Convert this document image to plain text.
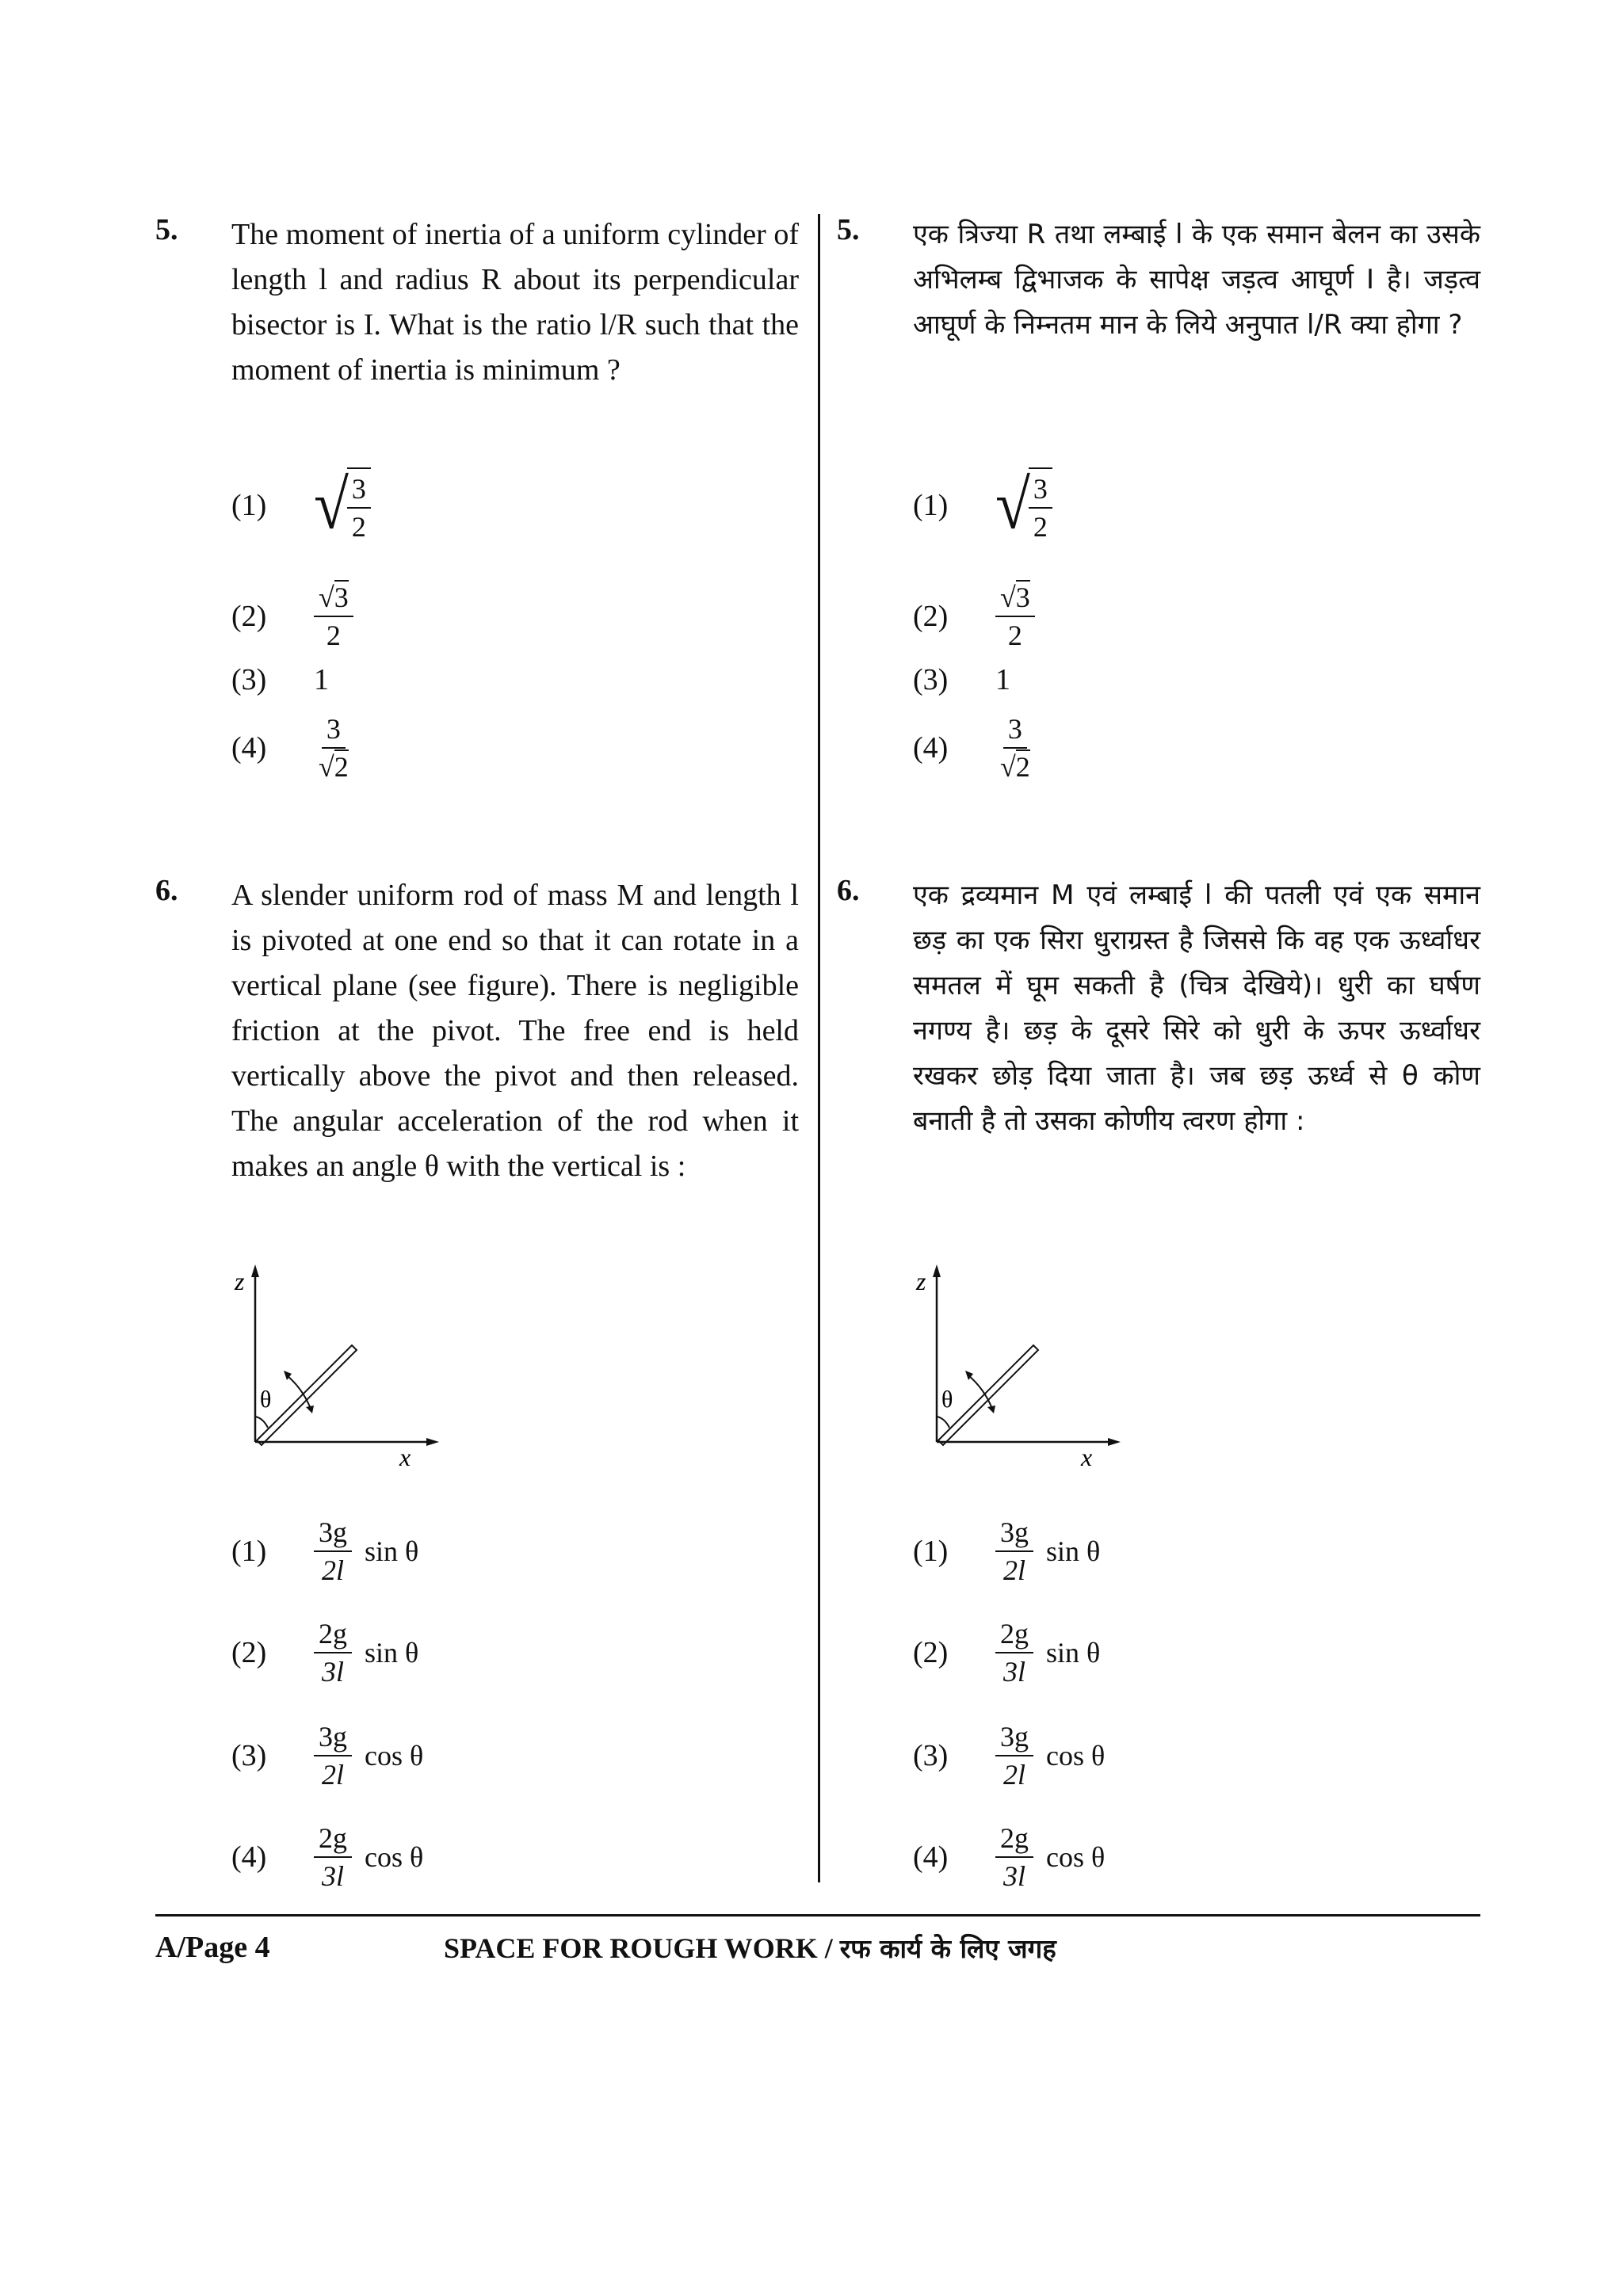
5. The moment of inertia of a uniform cylinder of length l and radius R about its perpendicular bisector is I. What is the ratio l/R such that the moment of inertia is minimum ?
(1) √
$\frac{3}{2}$
(2)	$\frac{√3}{2}$
(3)	1
(4)	$\frac{3}{√2}$
6. A slender uniform rod of mass M and length l is pivoted at one end so that it can rotate in a vertical plane (see figure). There is negligible friction at the pivot. The free end is held vertically above the pivot and then released. The angular acceleration of the rod when it makes an angle θ with the vertical is :
z
θ
x
(1)	$\frac{3g}{2l}$ sin θ
(2)	$\frac{2g}{3l}$ sin θ
(3)	$\frac{3g}{2l}$ cos θ
(4)	$\frac{2g}{3l}$ cos θ
5. एक त्रिज्या R तथा लम्बाई l के एक समान बेलन का उसके अभिलम्ब द्विभाजक के सापेक्ष जड़त्व आघूर्ण I है। जड़त्व आघूर्ण के निम्नतम मान के लिये अनुपात l/R क्या होगा ?
(1) √
$\frac{3}{2}$
(2)	$\frac{√3}{2}$
(3)	1
(4)	$\frac{3}{√2}$
6. एक द्रव्यमान M एवं लम्बाई l की पतली एवं एक समान छड़ का एक सिरा धुराग्रस्त है जिससे कि वह एक ऊर्ध्वाधर समतल में घूम सकती है (चित्र देखिये)। धुरी का घर्षण नगण्य है। छड़ के दूसरे सिरे को धुरी के ऊपर ऊर्ध्वाधर रखकर छोड़ दिया जाता है। जब छड़ ऊर्ध्व से θ कोण बनाती है तो उसका कोणीय त्वरण होगा :
z
θ
x
(1)	$\frac{3g}{2l}$ sin θ
(2)	$\frac{2g}{3l}$ sin θ
(3)	$\frac{3g}{2l}$ cos θ
(4)	$\frac{2g}{3l}$ cos θ
A/Page 4	SPACE FOR ROUGH WORK / रफ कार्य के लिए जगह
